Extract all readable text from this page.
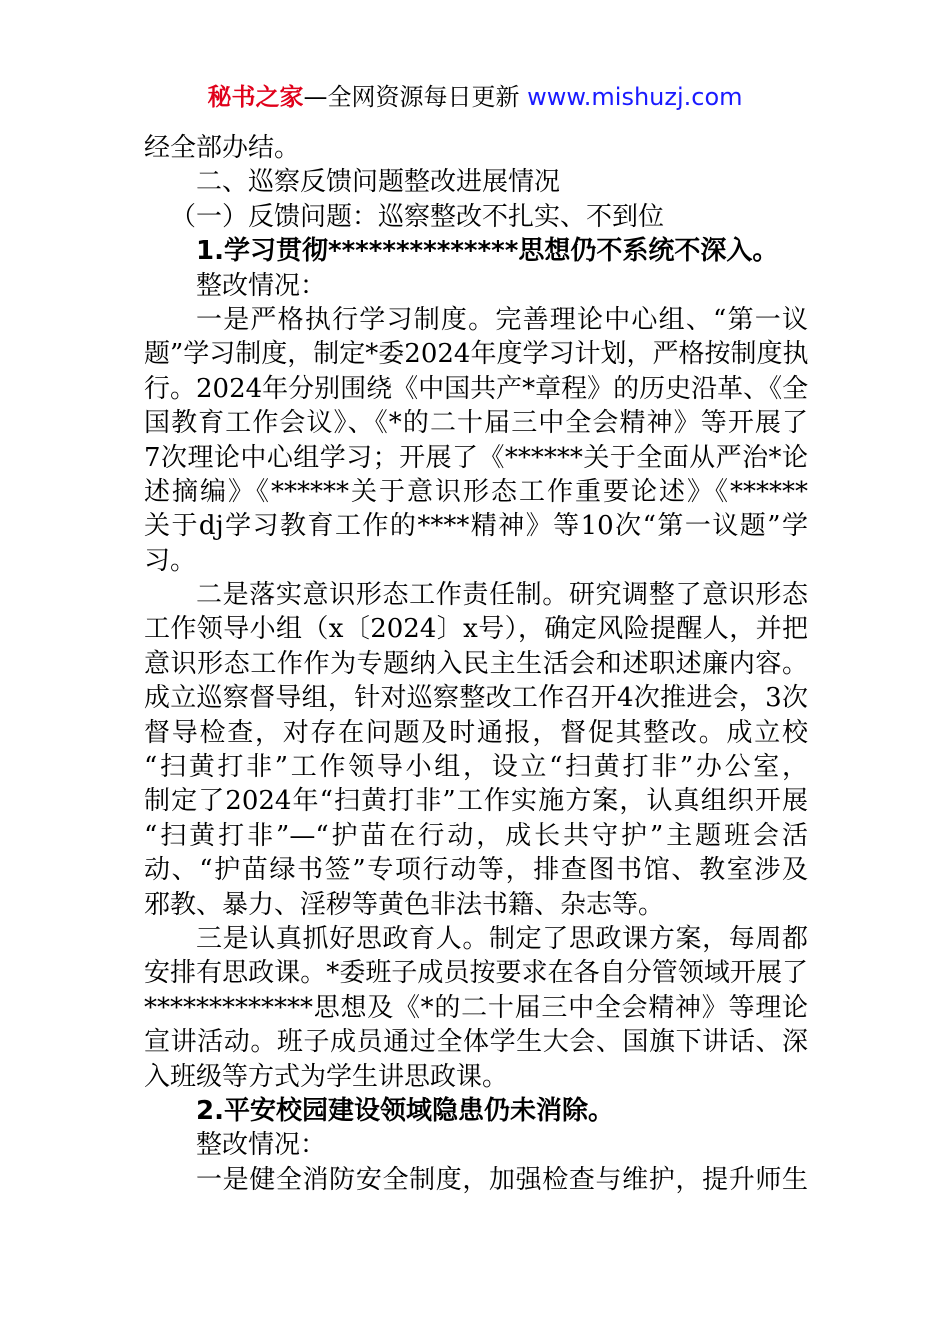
秘书之家—全网资源每日更新 www.mishuzj.com
经全部办结。
二、巡察反馈问题整改进展情况
（一）反馈问题：巡察整改不扎实、不到位
1.学习贯彻**************思想仍不系统不深入。
整改情况：
一是严格执行学习制度。完善理论中心组、“第一议
题”学习制度，制定*委2024年度学习计划，严格按制度执
行。2024年分别围绕《中国共产*章程》的历史沿革、《全
国教育工作会议》、《*的二十届三中全会精神》等开展了
7次理论中心组学习；开展了《******关于全面从严治*论
述摘编》《******关于意识形态工作重要论述》《******
关于dj学习教育工作的****精神》等10次“第一议题”学
习。
二是落实意识形态工作责任制。研究调整了意识形态
工作领导小组（x〔2024〕x号），确定风险提醒人，并把
意识形态工作作为专题纳入民主生活会和述职述廉内容。
成立巡察督导组，针对巡察整改工作召开4次推进会，3次
督导检查，对存在问题及时通报，督促其整改。成立校
“扫黄打非”工作领导小组，设立“扫黄打非”办公室，
制定了2024年“扫黄打非”工作实施方案，认真组织开展
“扫黄打非”—“护苗在行动，成长共守护”主题班会活
动、“护苗绿书签”专项行动等，排查图书馆、教室涉及
邪教、暴力、淫秽等黄色非法书籍、杂志等。
三是认真抓好思政育人。制定了思政课方案，每周都
安排有思政课。*委班子成员按要求在各自分管领域开展了
*************思想及《*的二十届三中全会精神》等理论
宣讲活动。班子成员通过全体学生大会、国旗下讲话、深
入班级等方式为学生讲思政课。
2.平安校园建设领域隐患仍未消除。
整改情况：
一是健全消防安全制度，加强检查与维护，提升师生
